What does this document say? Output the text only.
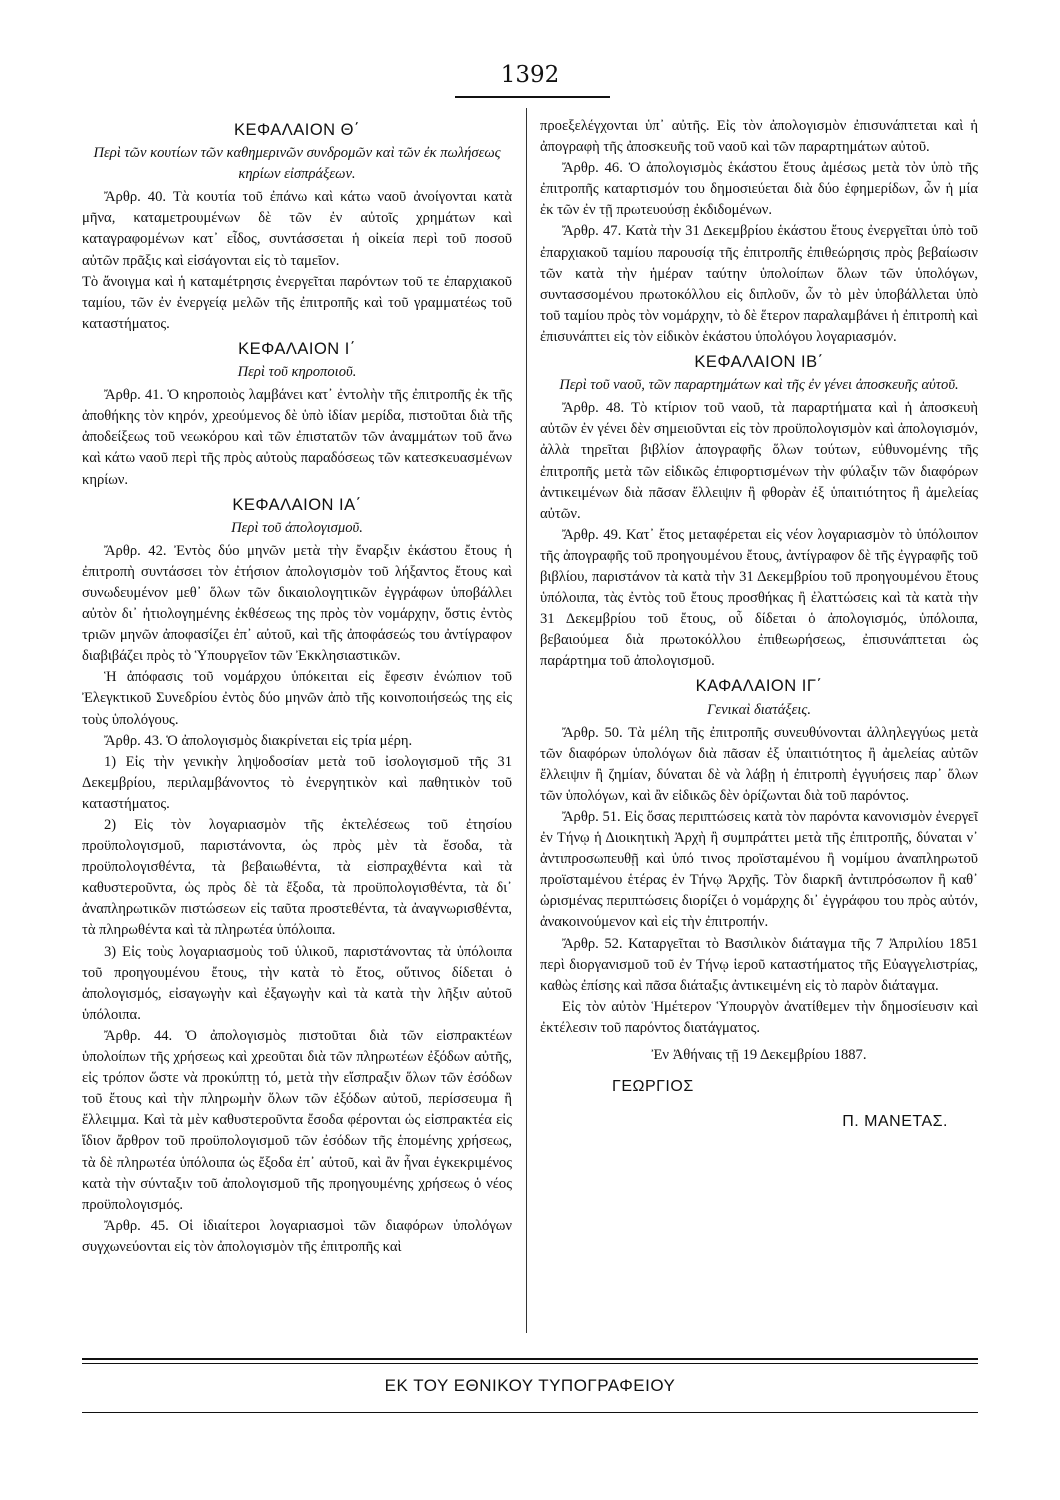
1392
ΚΕΦΑΛΑΙΟΝ Θ΄
Περὶ τῶν κουτίων τῶν καθημερινῶν συνδρομῶν καὶ τῶν ἐκ πωλήσεως κηρίων εἰσπράξεων.

Ἄρθρ. 40. Τὰ κουτία τοῦ ἐπάνω καὶ κάτω ναοῦ ἀνοίγονται κατὰ μῆνα, καταμετρουμένων δὲ τῶν ἐν αὐτοῖς χρημάτων καὶ καταγραφομένων κατ᾽ εἶδος, συντάσσεται ἡ οἰκεία περὶ τοῦ ποσοῦ αὐτῶν πρᾶξις καὶ εἰσάγονται εἰς τὸ ταμεῖον.

Τὸ ἄνοιγμα καὶ ἡ καταμέτρησις ἐνεργεῖται παρόντων τοῦ τε ἐπαρχιακοῦ ταμίου, τῶν ἐν ἐνεργείᾳ μελῶν τῆς ἐπιτροπῆς καὶ τοῦ γραμματέως τοῦ καταστήματος.

ΚΕΦΑΛΑΙΟΝ Ι΄
Περὶ τοῦ κηροποιοῦ.

Ἄρθρ. 41. Ὁ κηροποιὸς λαμβάνει κατ᾽ ἐντολὴν τῆς ἐπιτροπῆς ἐκ τῆς ἀποθήκης τὸν κηρόν, χρεούμενος δὲ ὑπὸ ἰδίαν μερίδα, πιστοῦται διὰ τῆς ἀποδείξεως τοῦ νεωκόρου καὶ τῶν ἐπιστατῶν τῶν ἀναμμάτων τοῦ ἄνω καὶ κάτω ναοῦ περὶ τῆς πρὸς αὐτοὺς παραδόσεως τῶν κατεσκευασμένων κηρίων.

ΚΕΦΑΛΑΙΟΝ ΙΑ΄
Περὶ τοῦ ἀπολογισμοῦ.

Ἄρθρ. 42. Ἐντὸς δύο μηνῶν μετὰ τὴν ἔναρξιν ἑκάστου ἔτους ἡ ἐπιτροπὴ συντάσσει τὸν ἐτήσιον ἀπολογισμὸν τοῦ λήξαντος ἔτους καὶ συνωδευμένον μεθ᾽ ὅλων τῶν δικαιολογητικῶν ἐγγράφων ὑποβάλλει αὐτὸν δι᾽ ἠτιολογημένης ἐκθέσεως της πρὸς τὸν νομάρχην, ὅστις ἐντὸς τριῶν μηνῶν ἀποφασίζει ἐπ᾽ αὐτοῦ, καὶ τῆς ἀποφάσεώς του ἀντίγραφον διαβιβάζει πρὸς τὸ Ὑπουργεῖον τῶν Ἐκκλησιαστικῶν.

Ἡ ἀπόφασις τοῦ νομάρχου ὑπόκειται εἰς ἔφεσιν ἐνώπιον τοῦ Ἐλεγκτικοῦ Συνεδρίου ἐντὸς δύο μηνῶν ἀπὸ τῆς κοινοποιήσεώς της εἰς τοὺς ὑπολόγους.

Ἄρθρ. 43. Ὁ ἀπολογισμὸς διακρίνεται εἰς τρία μέρη.

1) Εἰς τὴν γενικὴν ληψοδοσίαν μετὰ τοῦ ἰσολογισμοῦ τῆς 31 Δεκεμβρίου, περιλαμβάνοντος τὸ ἐνεργητικὸν καὶ παθητικὸν τοῦ καταστήματος.

2) Εἰς τὸν λογαριασμὸν τῆς ἐκτελέσεως τοῦ ἐτησίου προϋπολογισμοῦ, παριστάνοντα, ὡς πρὸς μὲν τὰ ἔσοδα, τὰ προϋπολογισθέντα, τὰ βεβαιωθέντα, τὰ εἰσπραχθέντα καὶ τὰ καθυστεροῦντα, ὡς πρὸς δὲ τὰ ἔξοδα, τὰ προϋπολογισθέντα, τὰ δι᾽ ἀναπληρωτικῶν πιστώσεων εἰς ταῦτα προστεθέντα, τὰ ἀναγνωρισθέντα, τὰ πληρωθέντα καὶ τὰ πληρωτέα ὑπόλοιπα.

3) Εἰς τοὺς λογαριασμοὺς τοῦ ὑλικοῦ, παριστάνοντας τὰ ὑπόλοιπα τοῦ προηγουμένου ἔτους, τὴν κατὰ τὸ ἔτος, οὕτινος δίδεται ὁ ἀπολογισμός, εἰσαγωγὴν καὶ ἐξαγωγὴν καὶ τὰ κατὰ τὴν λῆξιν αὐτοῦ ὑπόλοιπα.

Ἄρθρ. 44. Ὁ ἀπολογισμὸς πιστοῦται διὰ τῶν εἰσπρακτέων ὑπολοίπων τῆς χρήσεως καὶ χρεοῦται διὰ τῶν πληρωτέων ἐξόδων αὐτῆς, εἰς τρόπον ὥστε νὰ προκύπτῃ τό, μετὰ τὴν εἴσπραξιν ὅλων τῶν ἐσόδων τοῦ ἔτους καὶ τὴν πληρωμὴν ὅλων τῶν ἐξόδων αὐτοῦ, περίσσευμα ἢ ἔλλειμμα. Καὶ τὰ μὲν καθυστεροῦντα ἔσοδα φέρονται ὡς εἰσπρακτέα εἰς ἴδιον ἄρθρον τοῦ προϋπολογισμοῦ τῶν ἐσόδων τῆς ἑπομένης χρήσεως, τὰ δὲ πληρωτέα ὑπόλοιπα ὡς ἔξοδα ἐπ᾽ αὐτοῦ, καὶ ἂν ἦναι ἐγκεκριμένος κατὰ τὴν σύνταξιν τοῦ ἀπολογισμοῦ τῆς προηγουμένης χρήσεως ὁ νέος προϋπολογισμός.

Ἄρθρ. 45. Οἱ ἰδιαίτεροι λογαριασμοὶ τῶν διαφόρων ὑπολόγων συγχωνεύονται εἰς τὸν ἀπολογισμὸν τῆς ἐπιτροπῆς καὶ

προεξελέγχονται ὑπ᾽ αὐτῆς. Εἰς τὸν ἀπολογισμὸν ἐπισυνάπτεται καὶ ἡ ἀπογραφὴ τῆς ἀποσκευῆς τοῦ ναοῦ καὶ τῶν παραρτημάτων αὐτοῦ.

Ἄρθρ. 46. Ὁ ἀπολογισμὸς ἑκάστου ἔτους ἀμέσως μετὰ τὸν ὑπὸ τῆς ἐπιτροπῆς καταρτισμόν του δημοσιεύεται διὰ δύο ἐφημερίδων, ὧν ἡ μία ἐκ τῶν ἐν τῇ πρωτευούσῃ ἐκδιδομένων.

Ἄρθρ. 47. Κατὰ τὴν 31 Δεκεμβρίου ἑκάστου ἔτους ἐνεργεῖται ὑπὸ τοῦ ἐπαρχιακοῦ ταμίου παρουσίᾳ τῆς ἐπιτροπῆς ἐπιθεώρησις πρὸς βεβαίωσιν τῶν κατὰ τὴν ἡμέραν ταύτην ὑπολοίπων ὅλων τῶν ὑπολόγων, συντασσομένου πρωτοκόλλου εἰς διπλοῦν, ὧν τὸ μὲν ὑποβάλλεται ὑπὸ τοῦ ταμίου πρὸς τὸν νομάρχην, τὸ δὲ ἕτερον παραλαμβάνει ἡ ἐπιτροπὴ καὶ ἐπισυνάπτει εἰς τὸν εἰδικὸν ἑκάστου ὑπολόγου λογαριασμόν.

ΚΕΦΑΛΑΙΟΝ ΙΒ΄
Περὶ τοῦ ναοῦ, τῶν παραρτημάτων καὶ τῆς ἐν γένει ἀποσκευῆς αὐτοῦ.

Ἄρθρ. 48. Τὸ κτίριον τοῦ ναοῦ, τὰ παραρτήματα καὶ ἡ ἀποσκευὴ αὐτῶν ἐν γένει δὲν σημειοῦνται εἰς τὸν προϋπολογισμὸν καὶ ἀπολογισμόν, ἀλλὰ τηρεῖται βιβλίον ἀπογραφῆς ὅλων τούτων, εὐθυνομένης τῆς ἐπιτροπῆς μετὰ τῶν εἰδικῶς ἐπιφορτισμένων τὴν φύλαξιν τῶν διαφόρων ἀντικειμένων διὰ πᾶσαν ἔλλειψιν ἢ φθορὰν ἐξ ὑπαιτιότητος ἢ ἀμελείας αὐτῶν.

Ἄρθρ. 49. Κατ᾽ ἔτος μεταφέρεται εἰς νέον λογαριασμὸν τὸ ὑπόλοιπον τῆς ἀπογραφῆς τοῦ προηγουμένου ἔτους, ἀντίγραφον δὲ τῆς ἐγγραφῆς τοῦ βιβλίου, παριστάνον τὰ κατὰ τὴν 31 Δεκεμβρίου τοῦ προηγουμένου ἔτους ὑπόλοιπα, τὰς ἐντὸς τοῦ ἔτους προσθήκας ἢ ἐλαττώσεις καὶ τὰ κατὰ τὴν 31 Δεκεμβρίου τοῦ ἔτους, οὗ δίδεται ὁ ἀπολογισμός, ὑπόλοιπα, βεβαιούμεα διὰ πρωτοκόλλου ἐπιθεωρήσεως, ἐπισυνάπτεται ὡς παράρτημα τοῦ ἀπολογισμοῦ.

ΚΑΦΑΛΑΙΟΝ ΙΓ΄
Γενικαὶ διατάξεις.

Ἄρθρ. 50. Τὰ μέλη τῆς ἐπιτροπῆς συνευθύνονται ἀλληλεγγύως μετὰ τῶν διαφόρων ὑπολόγων διὰ πᾶσαν ἐξ ὑπαιτιότητος ἢ ἀμελείας αὐτῶν ἔλλειψιν ἢ ζημίαν, δύναται δὲ νὰ λάβῃ ἡ ἐπιτροπὴ ἐγγυήσεις παρ᾽ ὅλων τῶν ὑπολόγων, καὶ ἂν εἰδικῶς δὲν ὁρίζωνται διὰ τοῦ παρόντος.

Ἄρθρ. 51. Εἰς ὅσας περιπτώσεις κατὰ τὸν παρόντα κανονισμὸν ἐνεργεῖ ἐν Τήνῳ ἡ Διοικητικὴ Ἀρχὴ ἢ συμπράττει μετὰ τῆς ἐπιτροπῆς, δύναται ν᾽ ἀντιπροσωπευθῇ καὶ ὑπό τινος προϊσταμένου ἢ νομίμου ἀναπληρωτοῦ προϊσταμένου ἑτέρας ἐν Τήνῳ Ἀρχῆς. Τὸν διαρκῆ ἀντιπρόσωπον ἢ καθ᾽ ὡρισμένας περιπτώσεις διορίζει ὁ νομάρχης δι᾽ ἐγγράφου του πρὸς αὐτόν, ἀνακοινούμενον καὶ εἰς τὴν ἐπιτροπήν.

Ἄρθρ. 52. Καταργεῖται τὸ Βασιλικὸν διάταγμα τῆς 7 Ἀπριλίου 1851 περὶ διοργανισμοῦ τοῦ ἐν Τήνῳ ἱεροῦ καταστήματος τῆς Εὐαγγελιστρίας, καθὼς ἐπίσης καὶ πᾶσα διάταξις ἀντικειμένη εἰς τὸ παρὸν διάταγμα.

Εἰς τὸν αὐτὸν Ἡμέτερον Ὑπουργὸν ἀνατίθεμεν τὴν δημοσίευσιν καὶ ἐκτέλεσιν τοῦ παρόντος διατάγματος.

Ἐν Ἀθήναις τῇ 19 Δεκεμβρίου 1887.
ΓΕΩΡΓΙΟΣ
Π. ΜΑΝΕΤΑΣ.
ΕΚ ΤΟΥ ΕΘΝΙΚΟΥ ΤΥΠΟΓΡΑΦΕΙΟΥ
